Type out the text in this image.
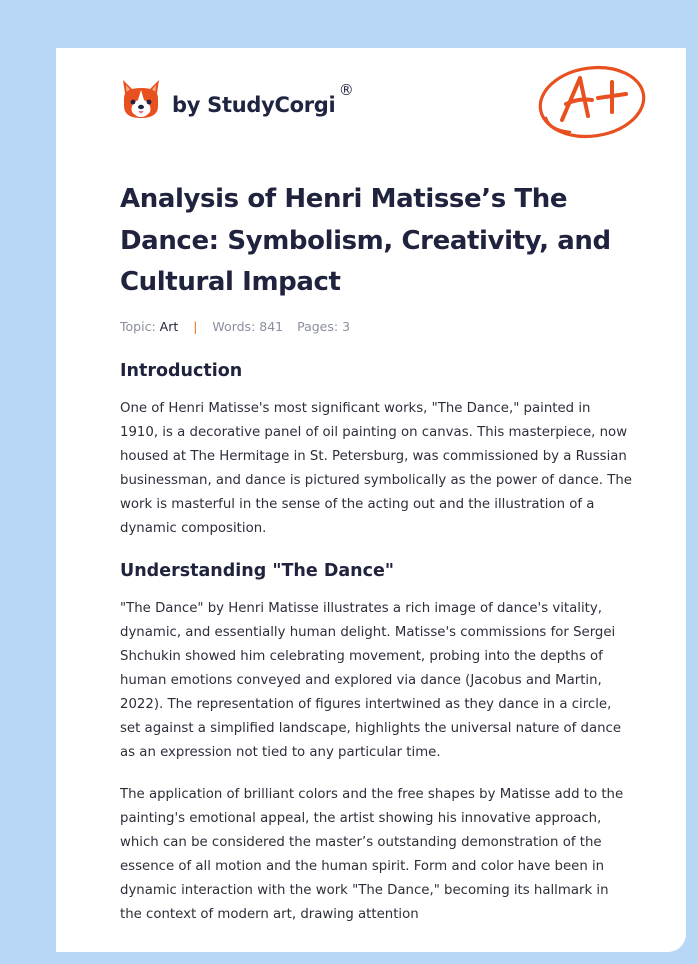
by StudyCorgi
®
A+
Analysis of Henri Matisse’s The Dance: Symbolism, Creativity, and Cultural Impact
Topic: Art | Words: 841 Pages: 3
Introduction

One of Henri Matisse's most significant works, "The Dance," painted in 1910, is a decorative panel of oil painting on canvas. This masterpiece, now housed at The Hermitage in St. Petersburg, was commissioned by a Russian businessman, and dance is pictured symbolically as the power of dance. The work is masterful in the sense of the acting out and the illustration of a dynamic composition.

Understanding "The Dance"

"The Dance" by Henri Matisse illustrates a rich image of dance's vitality, dynamic, and essentially human delight. Matisse's commissions for Sergei Shchukin showed him celebrating movement, probing into the depths of human emotions conveyed and explored via dance (Jacobus and Martin, 2022). The representation of figures intertwined as they dance in a circle, set against a simplified landscape, highlights the universal nature of dance as an expression not tied to any particular time.

The application of brilliant colors and the free shapes by Matisse add to the painting's emotional appeal, the artist showing his innovative approach, which can be considered the master’s outstanding demonstration of the essence of all motion and the human spirit. Form and color have been in dynamic interaction with the work "The Dance," becoming its hallmark in the context of modern art, drawing attention
